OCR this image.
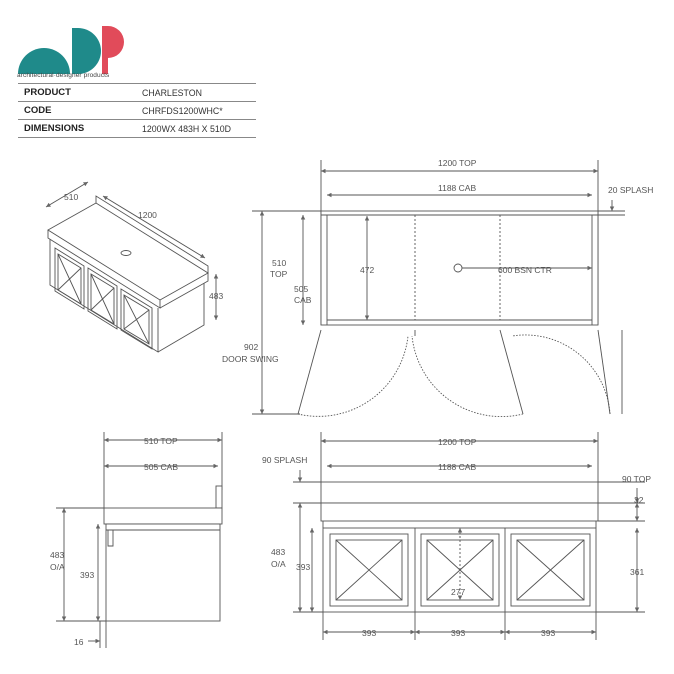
architectural·designer products
PRODUCT	CHARLESTON
CODE	CHRFDS1200WHC*
DIMENSIONS	1200WX 483H X 510D
510
1200
483
1200 TOP
1188 CAB	20 SPLASH
510
TOP
505
CAB
472	600 BSN CTR
902
DOOR SWING
510 TOP
505 CAB
483
O/A
393
16
1200 TOP
1188 CAB
90 SPLASH
90 TOP
483
O/A 393
32
361
277
393	393	393
